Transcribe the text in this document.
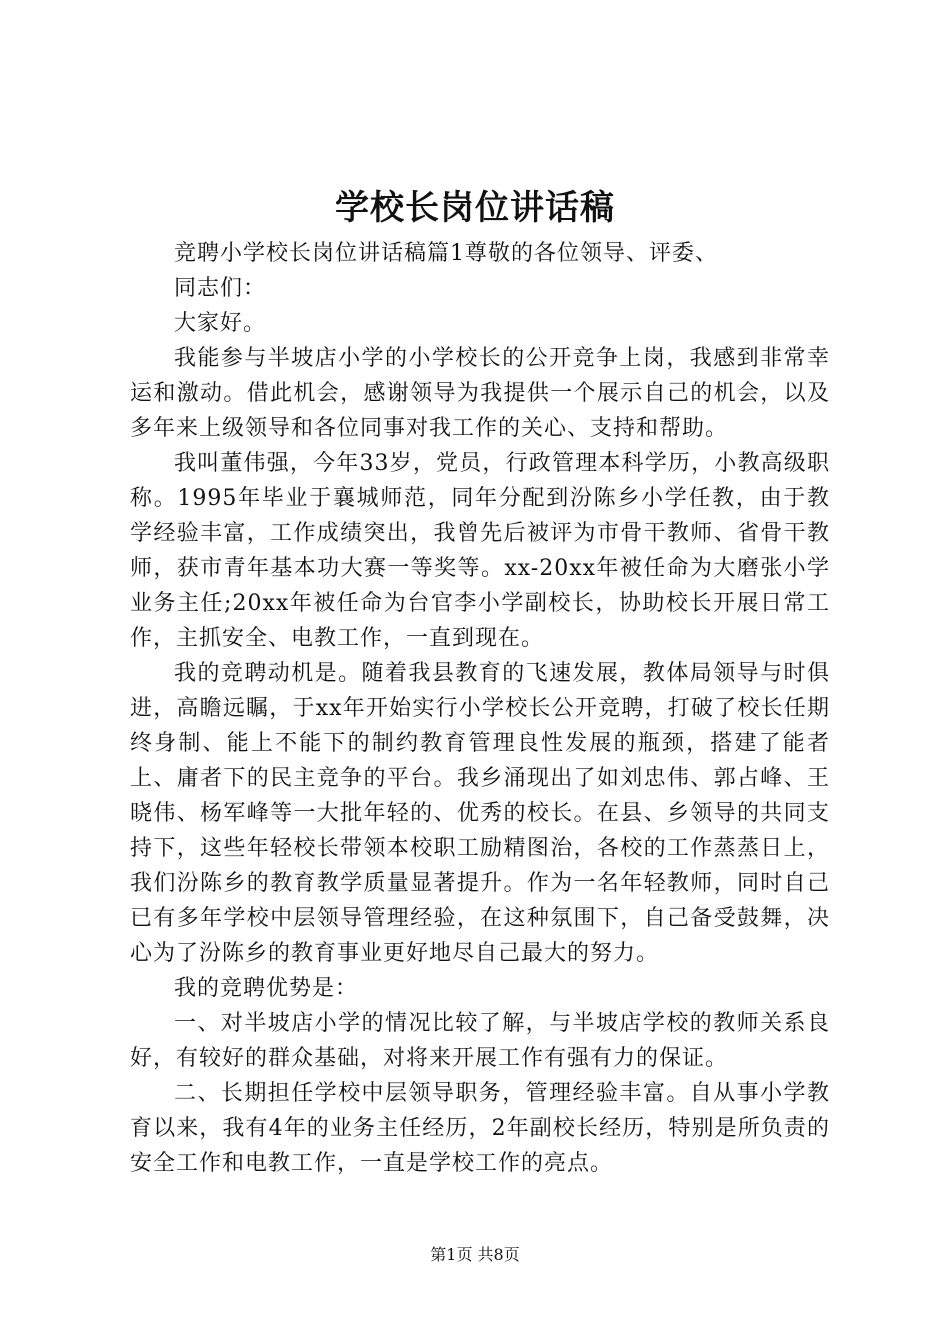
学校长岗位讲话稿

竞聘小学校长岗位讲话稿篇1尊敬的各位领导、评委、

同志们：

大家好。

我能参与半坡店小学的小学校长的公开竞争上岗，我感到非常幸运和激动。借此机会，感谢领导为我提供一个展示自己的机会，以及多年来上级领导和各位同事对我工作的关心、支持和帮助。

我叫董伟强，今年33岁，党员，行政管理本科学历，小教高级职称。1995年毕业于襄城师范，同年分配到汾陈乡小学任教，由于教学经验丰富，工作成绩突出，我曾先后被评为市骨干教师、省骨干教师，获市青年基本功大赛一等奖等。xx-20xx年被任命为大磨张小学业务主任;20xx年被任命为台官李小学副校长，协助校长开展日常工作，主抓安全、电教工作，一直到现在。

我的竞聘动机是。随着我县教育的飞速发展，教体局领导与时俱进，高瞻远瞩，于xx年开始实行小学校长公开竞聘，打破了校长任期终身制、能上不能下的制约教育管理良性发展的瓶颈，搭建了能者上、庸者下的民主竞争的平台。我乡涌现出了如刘忠伟、郭占峰、王晓伟、杨军峰等一大批年轻的、优秀的校长。在县、乡领导的共同支持下，这些年轻校长带领本校职工励精图治，各校的工作蒸蒸日上，我们汾陈乡的教育教学质量显著提升。作为一名年轻教师，同时自己已有多年学校中层领导管理经验，在这种氛围下，自己备受鼓舞，决心为了汾陈乡的教育事业更好地尽自己最大的努力。

我的竞聘优势是：

一、对半坡店小学的情况比较了解，与半坡店学校的教师关系良好，有较好的群众基础，对将来开展工作有强有力的保证。

二、长期担任学校中层领导职务，管理经验丰富。自从事小学教育以来，我有4年的业务主任经历，2年副校长经历，特别是所负责的安全工作和电教工作，一直是学校工作的亮点。

第1页 共8页
